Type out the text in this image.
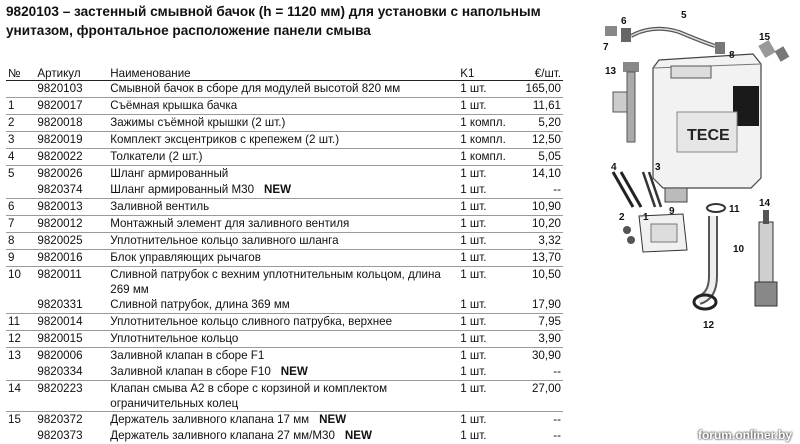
9820103 – застенный смывной бачок (h = 1120 мм) для установки с напольным унитазом, фронтальное расположение панели смыва
№	Артикул	Наименование	K1	€/шт.
	9820103	Смывной бачок в сборе для модулей высотой 820 мм	1 шт.	165,00
1	9820017	Съёмная крышка бачка	1 шт.	11,61
2	9820018	Зажимы съёмной крышки (2 шт.)	1 компл.	5,20
3	9820019	Комплект эксцентриков с крепежем (2 шт.)	1 компл.	12,50
4	9820022	Толкатели (2 шт.)	1 компл.	5,05
5	9820026	Шланг армированный	1 шт.	14,10
	9820374	Шланг армированный M30 NEW	1 шт.	--
6	9820013	Заливной вентиль	1 шт.	10,90
7	9820012	Монтажный элемент для заливного вентиля	1 шт.	10,20
8	9820025	Уплотнительное кольцо заливного шланга	1 шт.	3,32
9	9820016	Блок управляющих рычагов	1 шт.	13,70
10	9820011	Сливной патрубок с вехним уплотнительным кольцом, длина 269 мм	1 шт.	10,50
	9820331	Сливной патрубок, длина 369 мм	1 шт.	17,90
11	9820014	Уплотнительное кольцо сливного патрубка, верхнее	1 шт.	7,95
12	9820015	Уплотнительное кольцо	1 шт.	3,90
13	9820006	Заливной клапан в сборе F1	1 шт.	30,90
	9820334	Заливной клапан в сборе F10 NEW	1 шт.	--
14	9820223	Клапан смыва A2 в сборе с корзиной и комплектом ограничительных колец	1 шт.	27,00
15	9820372	Держатель заливного клапана 17 мм NEW	1 шт.	--
	9820373	Держатель заливного клапана 27 мм/M30 NEW	1 шт.	--
TECE
5
6
7
8
15
13
4	3
9	11
1
2
10
14
12
forum.onliner.by
